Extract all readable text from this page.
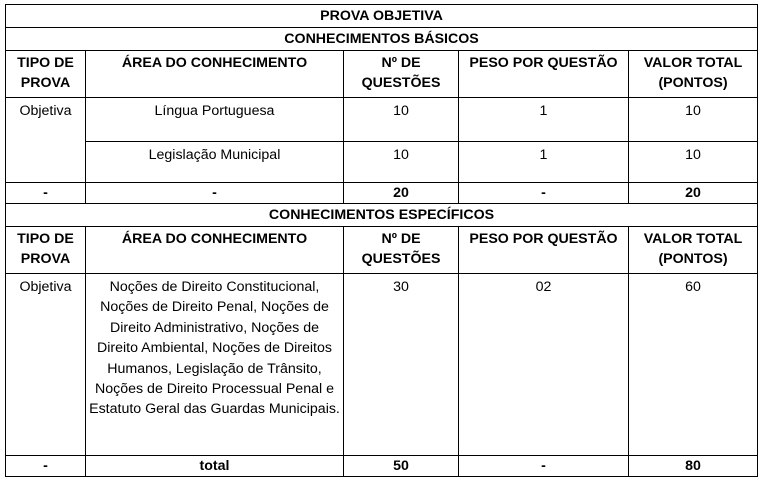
PROVA OBJETIVA				
CONHECIMENTOS BÁSICOS				
TIPO DE PROVA	ÁREA DO CONHECIMENTO	Nº DE QUESTÕES	PESO POR QUESTÃO	VALOR TOTAL (PONTOS)
Objetiva	Língua Portuguesa	10	1	10
	Legislação Municipal	10	1	10
-	-	20	-	20
CONHECIMENTOS ESPECÍFICOS				
TIPO DE PROVA	ÁREA DO CONHECIMENTO	Nº DE QUESTÕES	PESO POR QUESTÃO	VALOR TOTAL (PONTOS)
Objetiva	Noções de Direito Constitucional, Noções de Direito Penal, Noções de Direito Administrativo, Noções de Direito Ambiental, Noções de Direitos Humanos, Legislação de Trânsito, Noções de Direito Processual Penal e Estatuto Geral das Guardas Municipais.	30	02	60
-	total	50	-	80
